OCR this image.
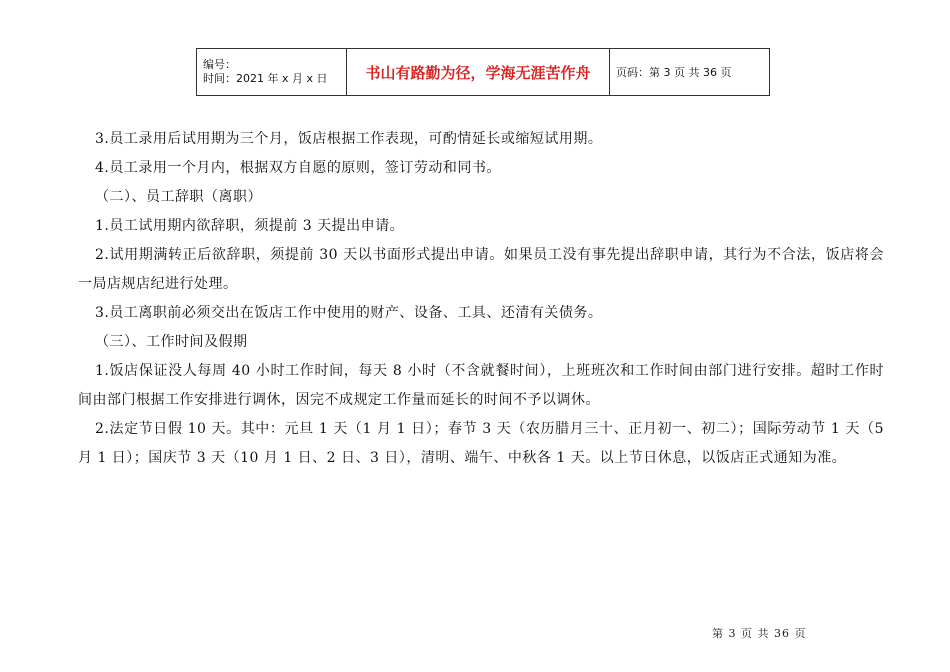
编号：
时间：2021 年 x 月 x 日	书山有路勤为径，学海无涯苦作舟	页码：第 3 页 共 36 页

3.员工录用后试用期为三个月，饭店根据工作表现，可酌情延长或缩短试用期。

4.员工录用一个月内，根据双方自愿的原则，签订劳动和同书。

（二）、员工辞职（离职）

1.员工试用期内欲辞职，须提前 3 天提出申请。

2.试用期满转正后欲辞职，须提前 30 天以书面形式提出申请。如果员工没有事先提出辞职申请，其行为不合法，饭店将会一局店规店纪进行处理。

3.员工离职前必须交出在饭店工作中使用的财产、设备、工具、还清有关债务。

（三）、工作时间及假期

1.饭店保证没人每周 40 小时工作时间，每天 8 小时（不含就餐时间），上班班次和工作时间由部门进行安排。超时工作时间由部门根据工作安排进行调休，因完不成规定工作量而延长的时间不予以调休。

2.法定节日假 10 天。其中：元旦 1 天（1 月 1 日）；春节 3 天（农历腊月三十、正月初一、初二）；国际劳动节 1 天（5 月 1 日）；国庆节 3 天（10 月 1 日、2 日、3 日），清明、端午、中秋各 1 天。以上节日休息，以饭店正式通知为准。

第 3 页 共 36 页
